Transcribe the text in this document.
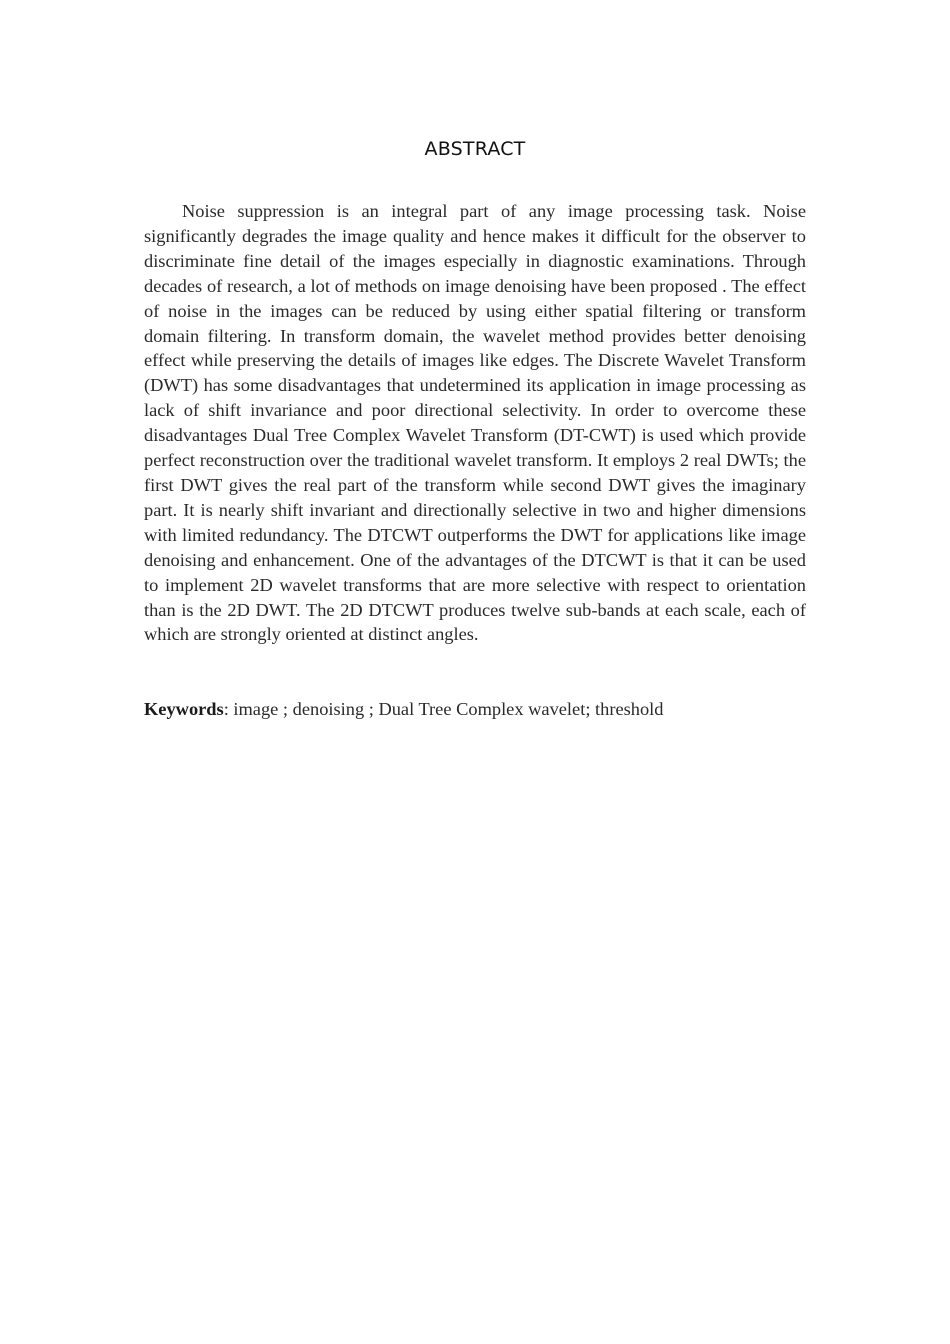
ABSTRACT

Noise suppression is an integral part of any image processing task. Noise significantly degrades the image quality and hence makes it difficult for the observer to discriminate fine detail of the images especially in diagnostic examinations. Through decades of research, a lot of methods on image denoising have been proposed . The effect of noise in the images can be reduced by using either spatial filtering or transform domain filtering. In transform domain, the wavelet method provides better denoising effect while preserving the details of images like edges. The Discrete Wavelet Transform (DWT) has some disadvantages that undetermined its application in image processing as lack of shift invariance and poor directional selectivity. In order to overcome these disadvantages Dual Tree Complex Wavelet Transform (DT-CWT) is used which provide perfect reconstruction over the traditional wavelet transform. It employs 2 real DWTs; the first DWT gives the real part of the transform while second DWT gives the imaginary part. It is nearly shift invariant and directionally selective in two and higher dimensions with limited redundancy. The DTCWT outperforms the DWT for applications like image denoising and enhancement. One of the advantages of the DTCWT is that it can be used to implement 2D wavelet transforms that are more selective with respect to orientation than is the 2D DWT. The 2D DTCWT produces twelve sub-bands at each scale, each of which are strongly oriented at distinct angles.

Keywords: image ; denoising ; Dual Tree Complex wavelet; threshold
